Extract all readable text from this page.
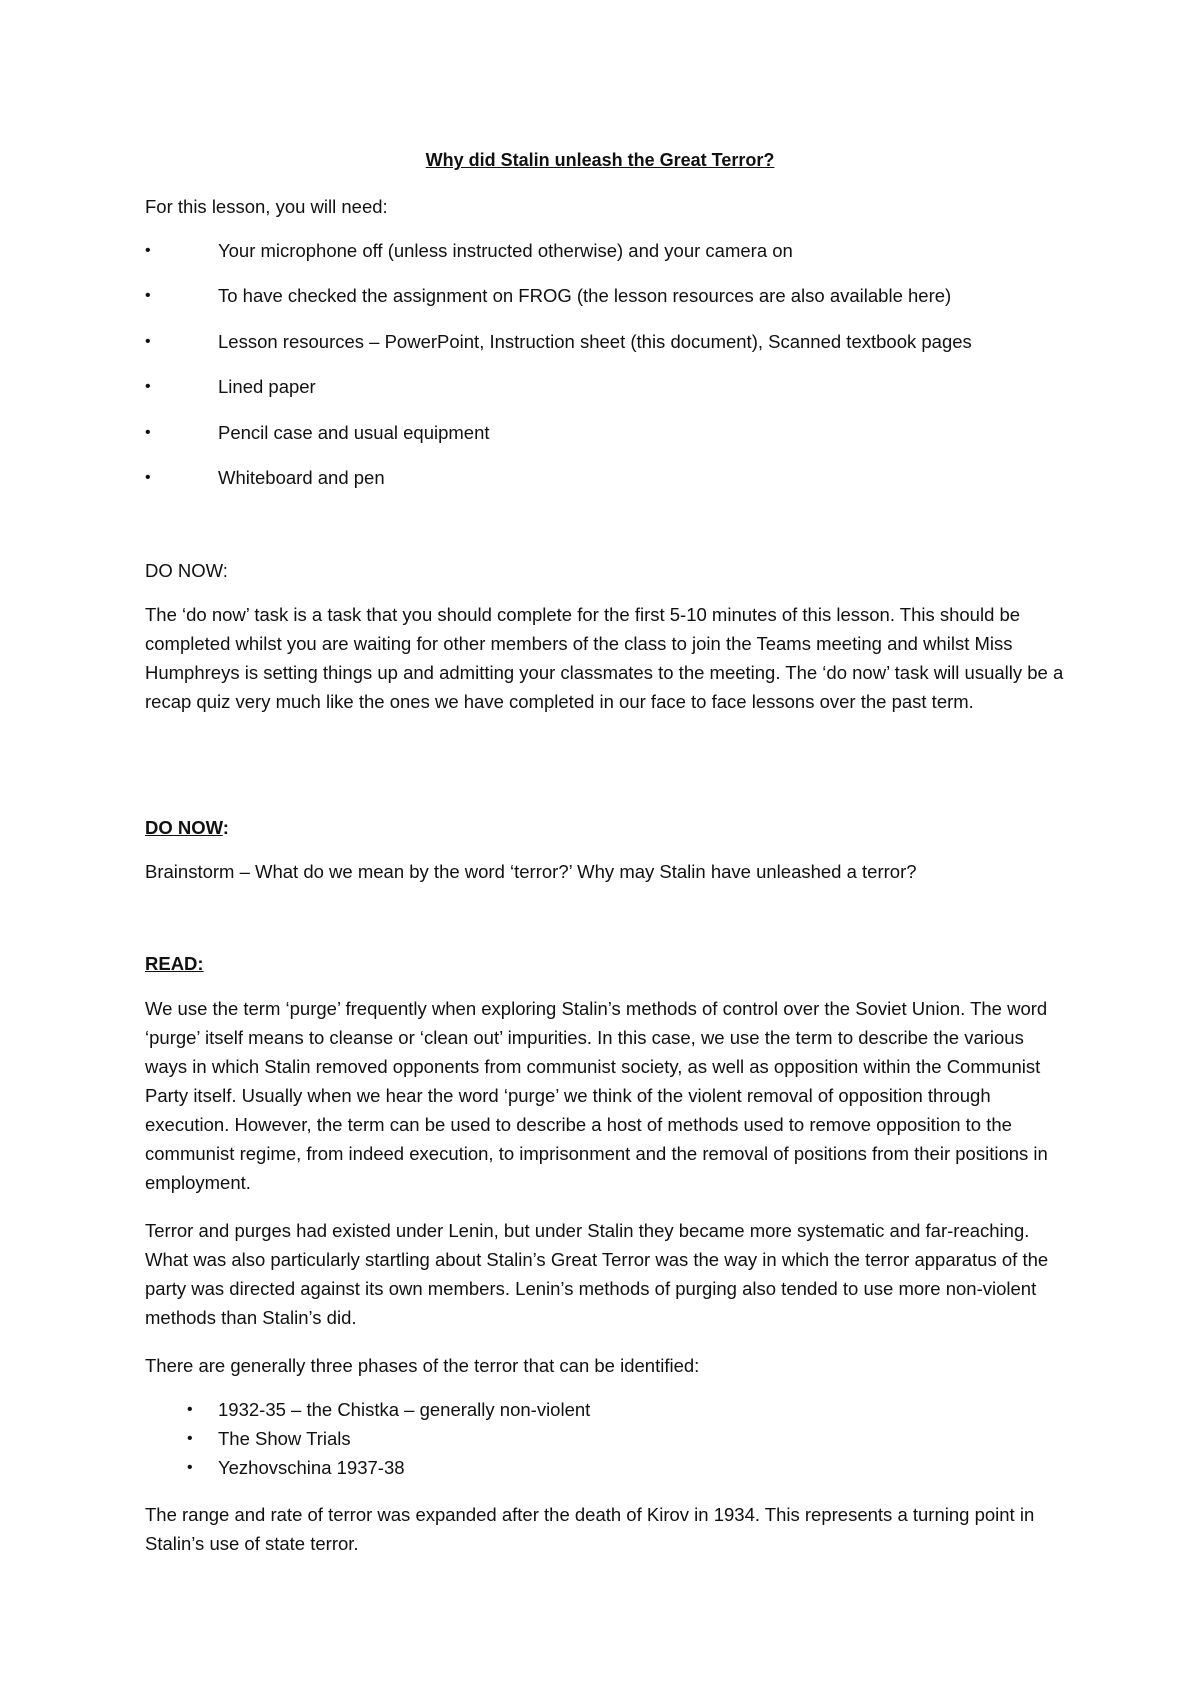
Why did Stalin unleash the Great Terror?

For this lesson, you will need:

•	Your microphone off (unless instructed otherwise) and your camera on
•	To have checked the assignment on FROG (the lesson resources are also available here)
•	Lesson resources – PowerPoint, Instruction sheet (this document), Scanned textbook pages
•	Lined paper
•	Pencil case and usual equipment
•	Whiteboard and pen
DO NOW:

The ‘do now’ task is a task that you should complete for the first 5-10 minutes of this lesson. This should be completed whilst you are waiting for other members of the class to join the Teams meeting and whilst Miss Humphreys is setting things up and admitting your classmates to the meeting. The ‘do now’ task will usually be a recap quiz very much like the ones we have completed in our face to face lessons over the past term.

DO NOW:

Brainstorm – What do we mean by the word ‘terror?’ Why may Stalin have unleashed a terror?

READ:

We use the term ‘purge’ frequently when exploring Stalin’s methods of control over the Soviet Union. The word ‘purge’ itself means to cleanse or ‘clean out’ impurities. In this case, we use the term to describe the various ways in which Stalin removed opponents from communist society, as well as opposition within the Communist Party itself. Usually when we hear the word ‘purge’ we think of the violent removal of opposition through execution. However, the term can be used to describe a host of methods used to remove opposition to the communist regime, from indeed execution, to imprisonment and the removal of positions from their positions in employment.

Terror and purges had existed under Lenin, but under Stalin they became more systematic and far-reaching. What was also particularly startling about Stalin’s Great Terror was the way in which the terror apparatus of the party was directed against its own members. Lenin’s methods of purging also tended to use more non-violent methods than Stalin’s did.

There are generally three phases of the terror that can be identified:

•	1932-35 – the Chistka – generally non-violent
•	The Show Trials
•	Yezhovschina 1937-38

The range and rate of terror was expanded after the death of Kirov in 1934. This represents a turning point in Stalin’s use of state terror.
